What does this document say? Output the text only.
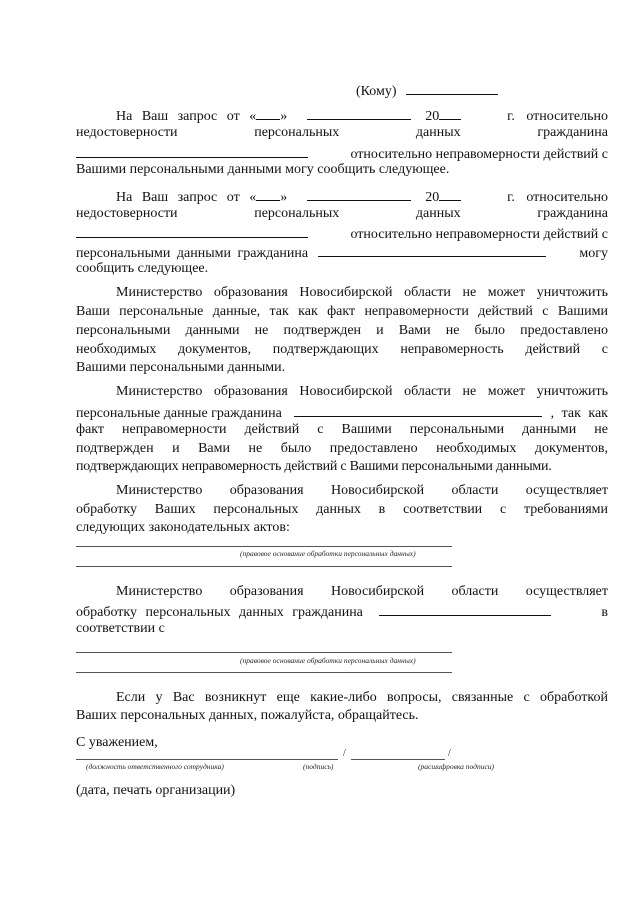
(Кому)
На Ваш запрос от « »	20	г. относительно
недостоверности персональных данных гражданина
относительно неправомерности действий с
Вашими персональными данными могу сообщить следующее.
На Ваш запрос от « »	20	г. относительно
недостоверности персональных данных гражданина
относительно неправомерности действий с
персональными данными гражданина	могу
сообщить следующее.
Министерство образования Новосибирской области не может уничтожить
Ваши персональные данные, так как факт неправомерности действий с Вашими
персональными данными не подтвержден и Вами не было предоставлено
необходимых документов, подтверждающих неправомерность действий с
Вашими персональными данными.
Министерство образования Новосибирской области не может уничтожить
персональные данные гражданина	, так как
факт неправомерности действий с Вашими персональными данными не
подтвержден и Вами не было предоставлено необходимых документов,
подтверждающих неправомерность действий с Вашими персональными данными.
Министерство образования Новосибирской области осуществляет
обработку Ваших персональных данных в соответствии с требованиями
следующих законодательных актов:
(правовое основание обработки персональных данных)
Министерство образования Новосибирской области осуществляет
обработку персональных данных гражданина	в
соответствии с
(правовое основание обработки персональных данных)
Если у Вас возникнут еще какие-либо вопросы, связанные с обработкой
Ваших персональных данных, пожалуйста, обращайтесь.
С уважением,
/	/
(должность ответственного сотрудника)	(подпись)	(расшифровка подписи)
(дата, печать организации)
